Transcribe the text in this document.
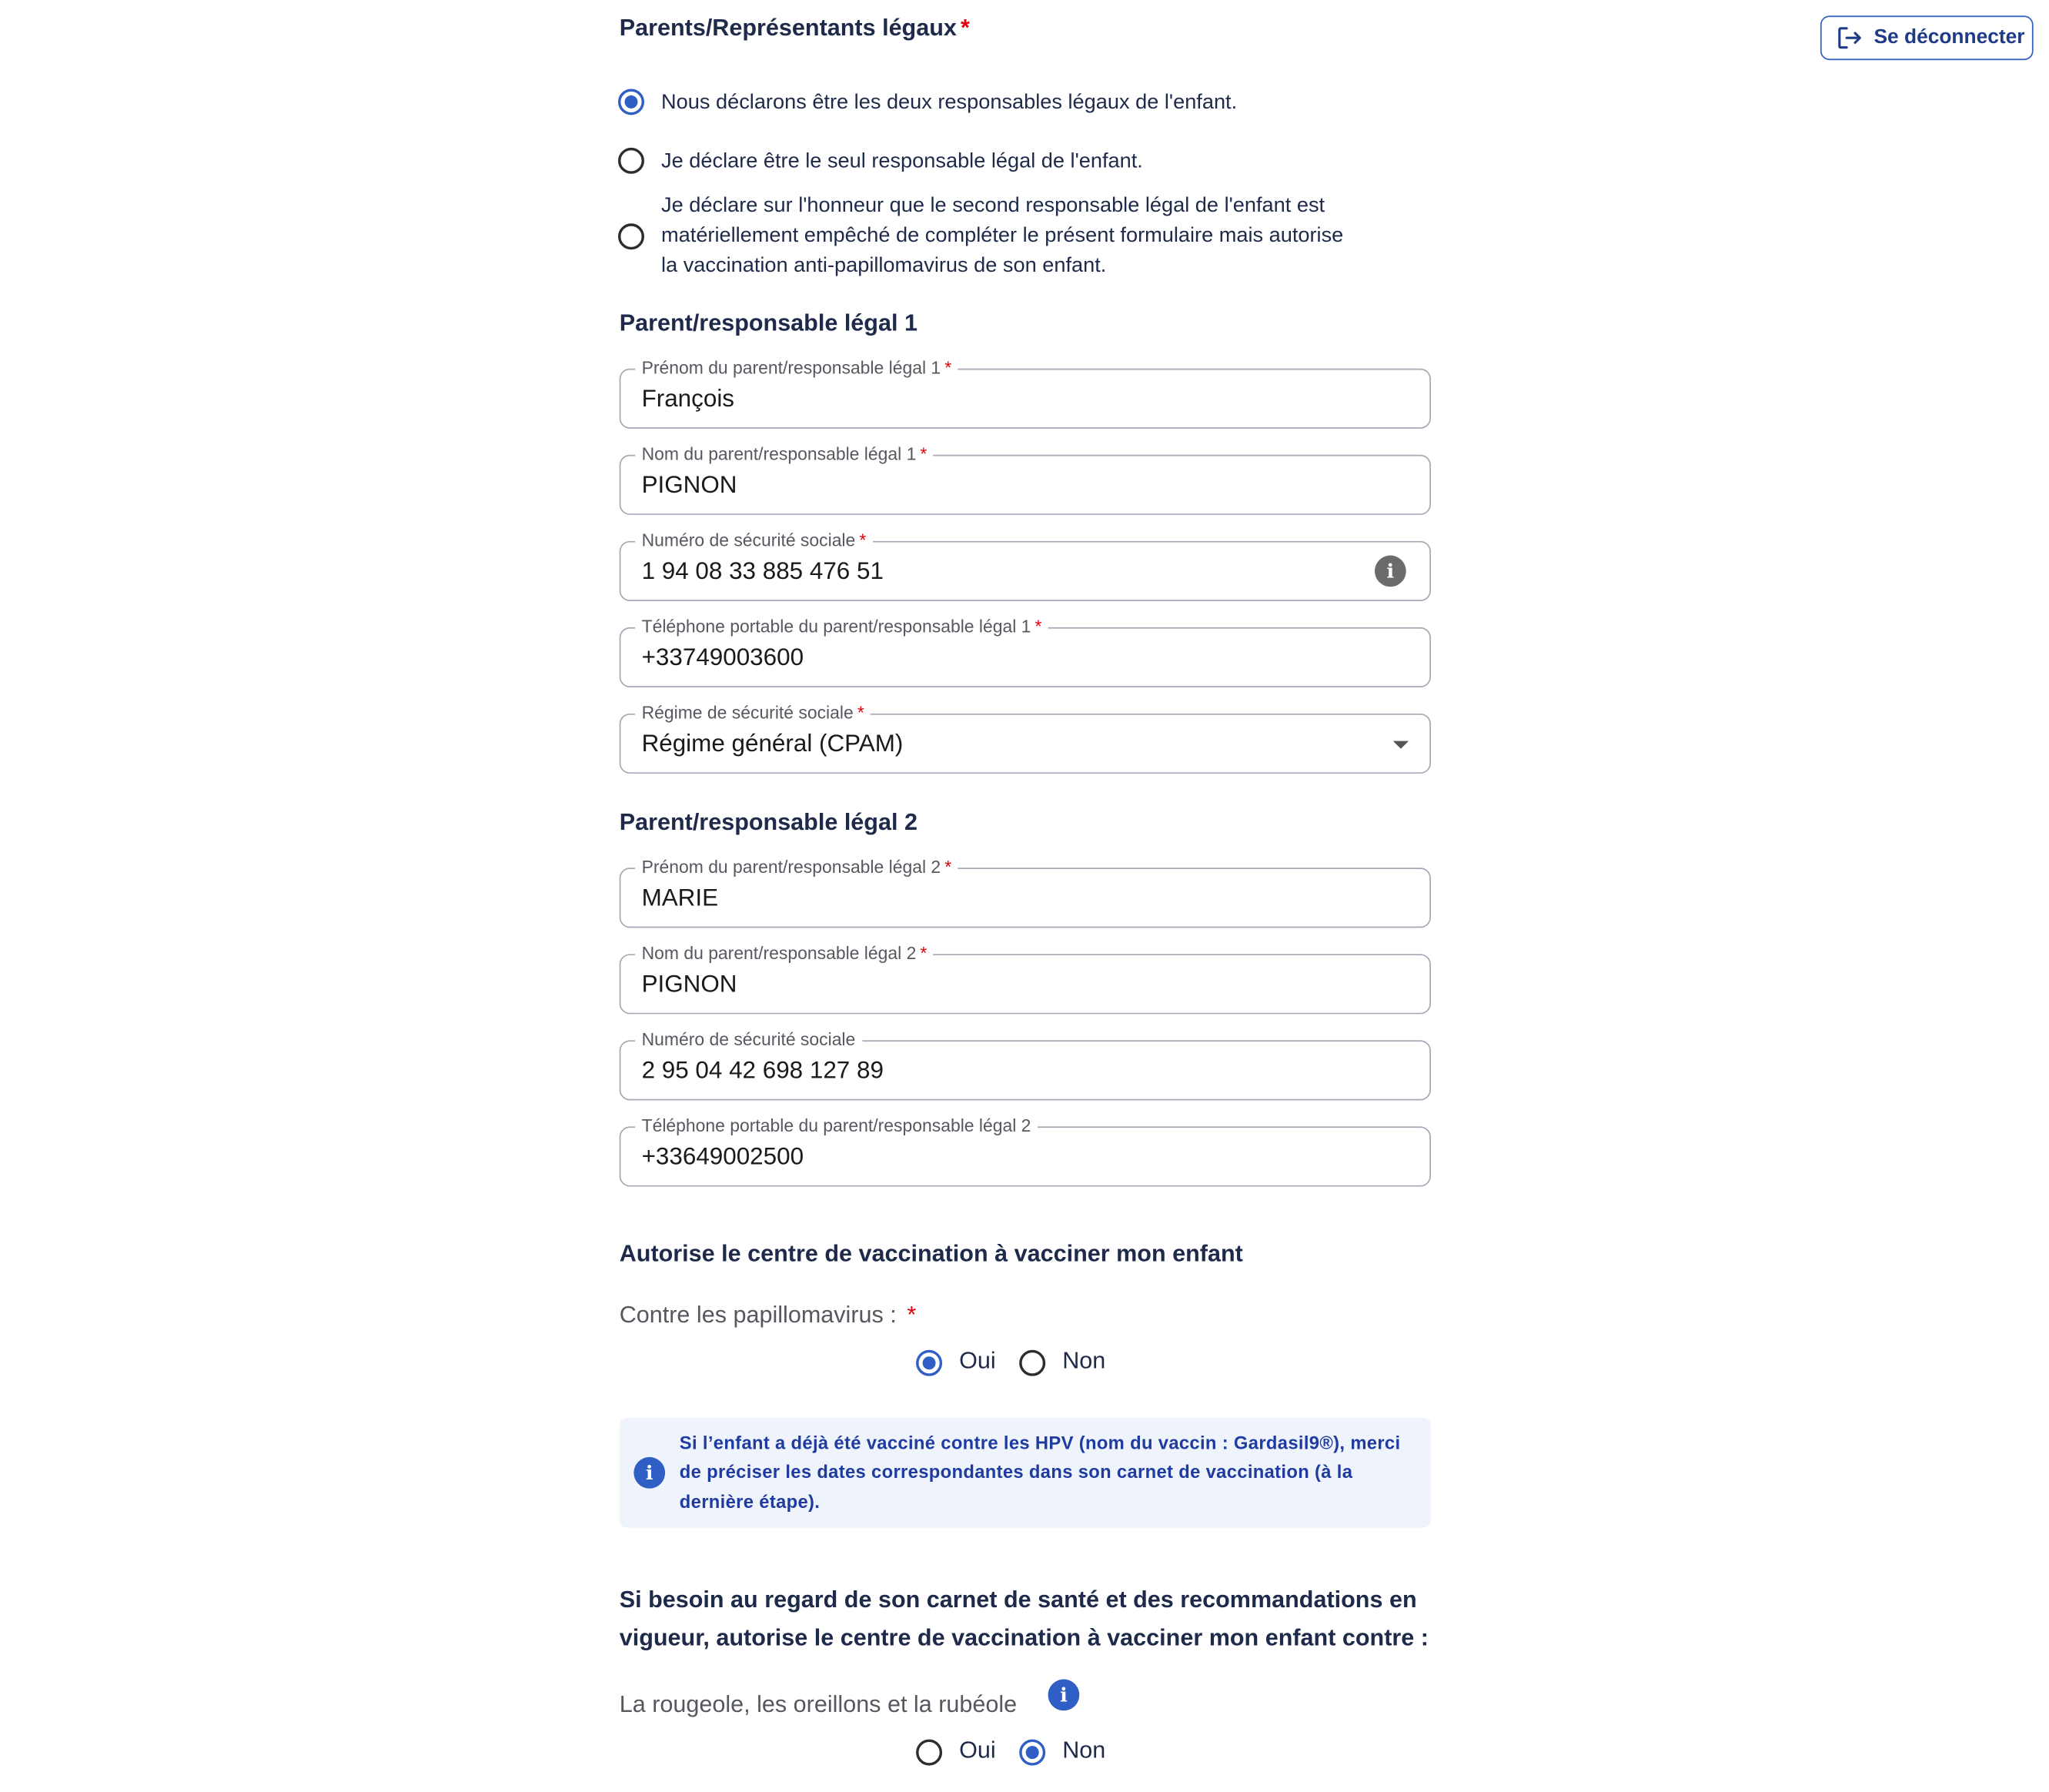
Se déconnecter
Parents/Représentants légaux *
Nous déclarons être les deux responsables légaux de l'enfant.
Je déclare être le seul responsable légal de l'enfant.
Je déclare sur l'honneur que le second responsable légal de l'enfant est
matériellement empêché de compléter le présent formulaire mais autorise
la vaccination anti-papillomavirus de son enfant.
Parent/responsable légal 1
Prénom du parent/responsable légal 1 *
François
Nom du parent/responsable légal 1 *
PIGNON
Numéro de sécurité sociale *
1 94 08 33 885 476 51	i
Téléphone portable du parent/responsable légal 1 *
+33749003600
Régime de sécurité sociale *
Régime général (CPAM)
Parent/responsable légal 2
Prénom du parent/responsable légal 2 *
MARIE
Nom du parent/responsable légal 2 *
PIGNON
Numéro de sécurité sociale
2 95 04 42 698 127 89
Téléphone portable du parent/responsable légal 2
+33649002500
Autorise le centre de vaccination à vacciner mon enfant
Contre les papillomavirus : *
Oui	Non
i
Si l’enfant a déjà été vacciné contre les HPV (nom du vaccin : Gardasil9®), merci de préciser les dates correspondantes dans son carnet de vaccination (à la dernière étape).
Si besoin au regard de son carnet de santé et des recommandations en
vigueur, autorise le centre de vaccination à vacciner mon enfant contre :
La rougeole, les oreillons et la rubéole	i
Oui	Non
